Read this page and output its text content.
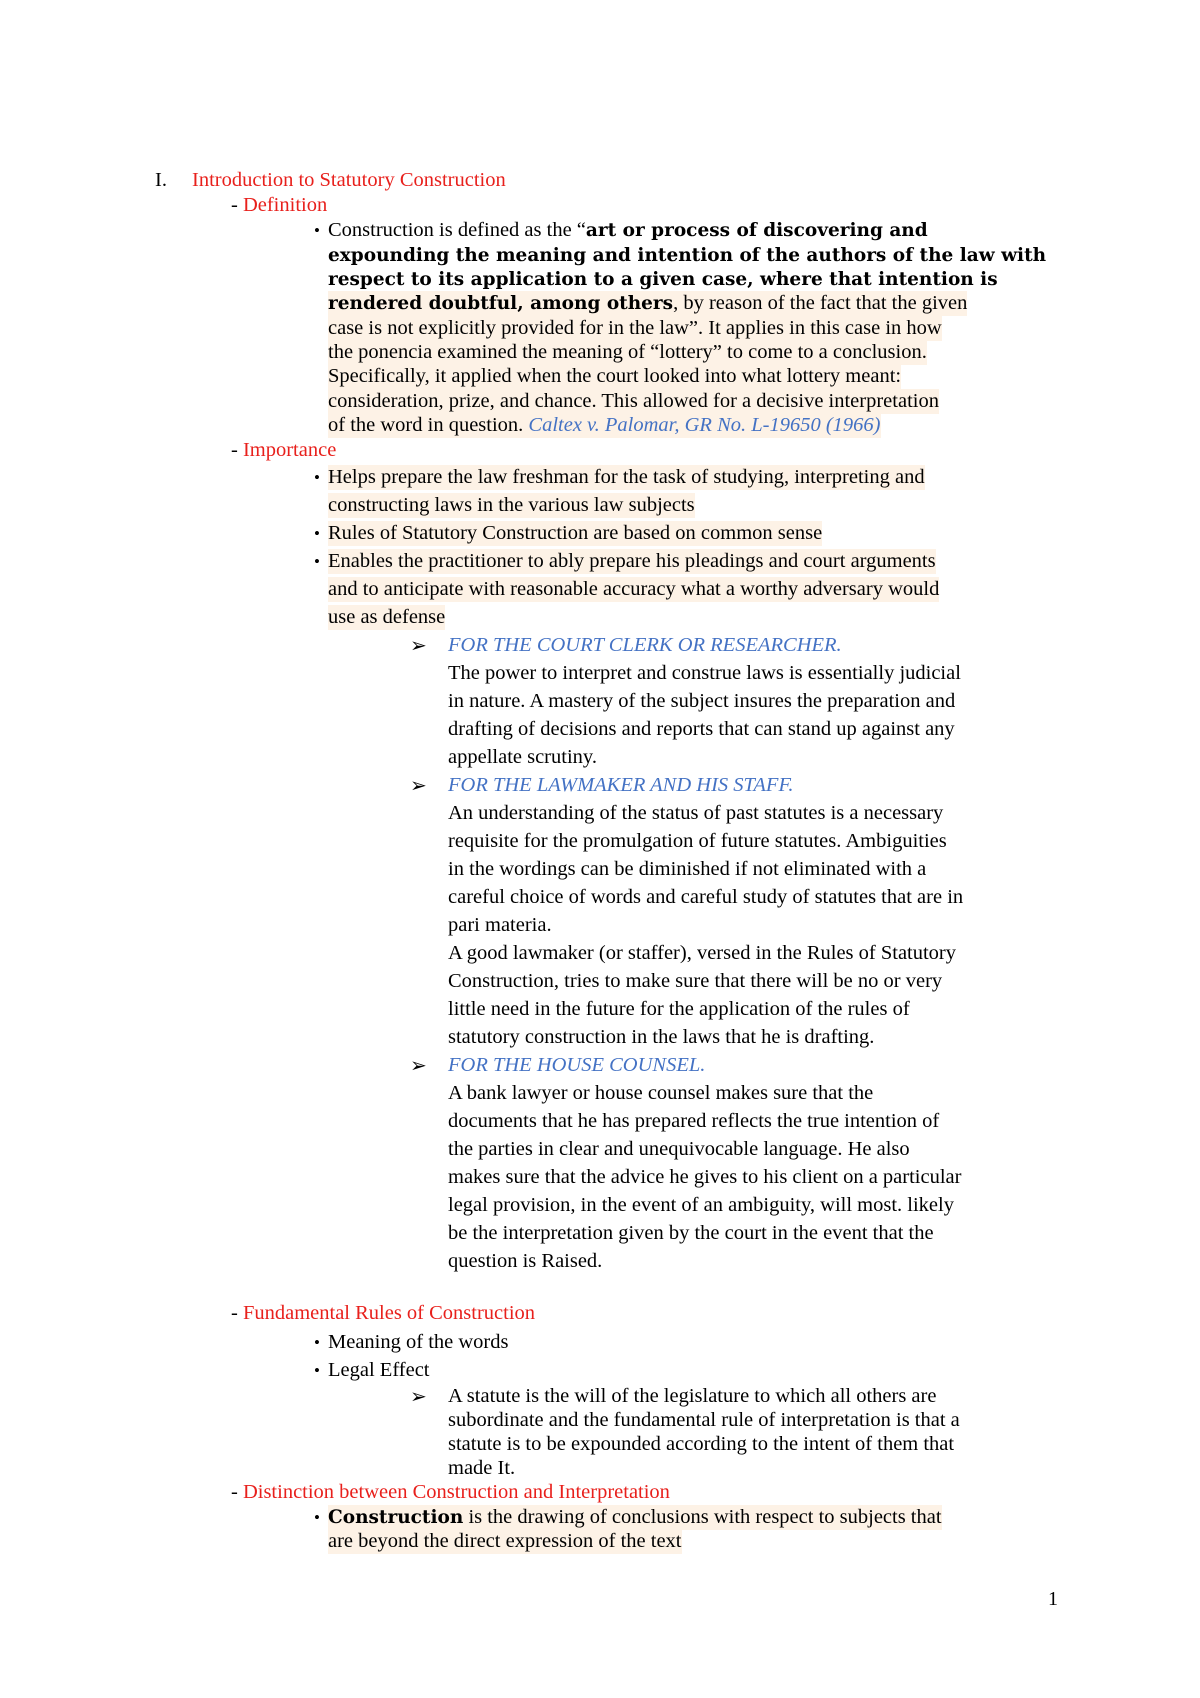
I. Introduction to Statutory Construction
- Definition
• Construction is defined as the “art or process of discovering and
expounding the meaning and intention of the authors of the law with
respect to its application to a given case, where that intention is
rendered doubtful, among others, by reason of the fact that the given
case is not explicitly provided for in the law”. It applies in this case in how
the ponencia examined the meaning of “lottery” to come to a conclusion.
Specifically, it applied when the court looked into what lottery meant:
consideration, prize, and chance. This allowed for a decisive interpretation
of the word in question. Caltex v. Palomar, GR No. L-19650 (1966)
- Importance
• Helps prepare the law freshman for the task of studying, interpreting and
constructing laws in the various law subjects
• Rules of Statutory Construction are based on common sense
• Enables the practitioner to ably prepare his pleadings and court arguments
and to anticipate with reasonable accuracy what a worthy adversary would
use as defense
➢ FOR THE COURT CLERK OR RESEARCHER.
The power to interpret and construe laws is essentially judicial
in nature. A mastery of the subject insures the preparation and
drafting of decisions and reports that can stand up against any
appellate scrutiny.
➢ FOR THE LAWMAKER AND HIS STAFF.
An understanding of the status of past statutes is a necessary
requisite for the promulgation of future statutes. Ambiguities
in the wordings can be diminished if not eliminated with a
careful choice of words and careful study of statutes that are in
pari materia.
A good lawmaker (or staffer), versed in the Rules of Statutory
Construction, tries to make sure that there will be no or very
little need in the future for the application of the rules of
statutory construction in the laws that he is drafting.
➢ FOR THE HOUSE COUNSEL.
A bank lawyer or house counsel makes sure that the
documents that he has prepared reflects the true intention of
the parties in clear and unequivocable language. He also
makes sure that the advice he gives to his client on a particular
legal provision, in the event of an ambiguity, will most. likely
be the interpretation given by the court in the event that the
question is Raised.
- Fundamental Rules of Construction
• Meaning of the words
• Legal Effect
➢ A statute is the will of the legislature to which all others are
subordinate and the fundamental rule of interpretation is that a
statute is to be expounded according to the intent of them that
made It.
- Distinction between Construction and Interpretation
• Construction is the drawing of conclusions with respect to subjects that
are beyond the direct expression of the text
1
